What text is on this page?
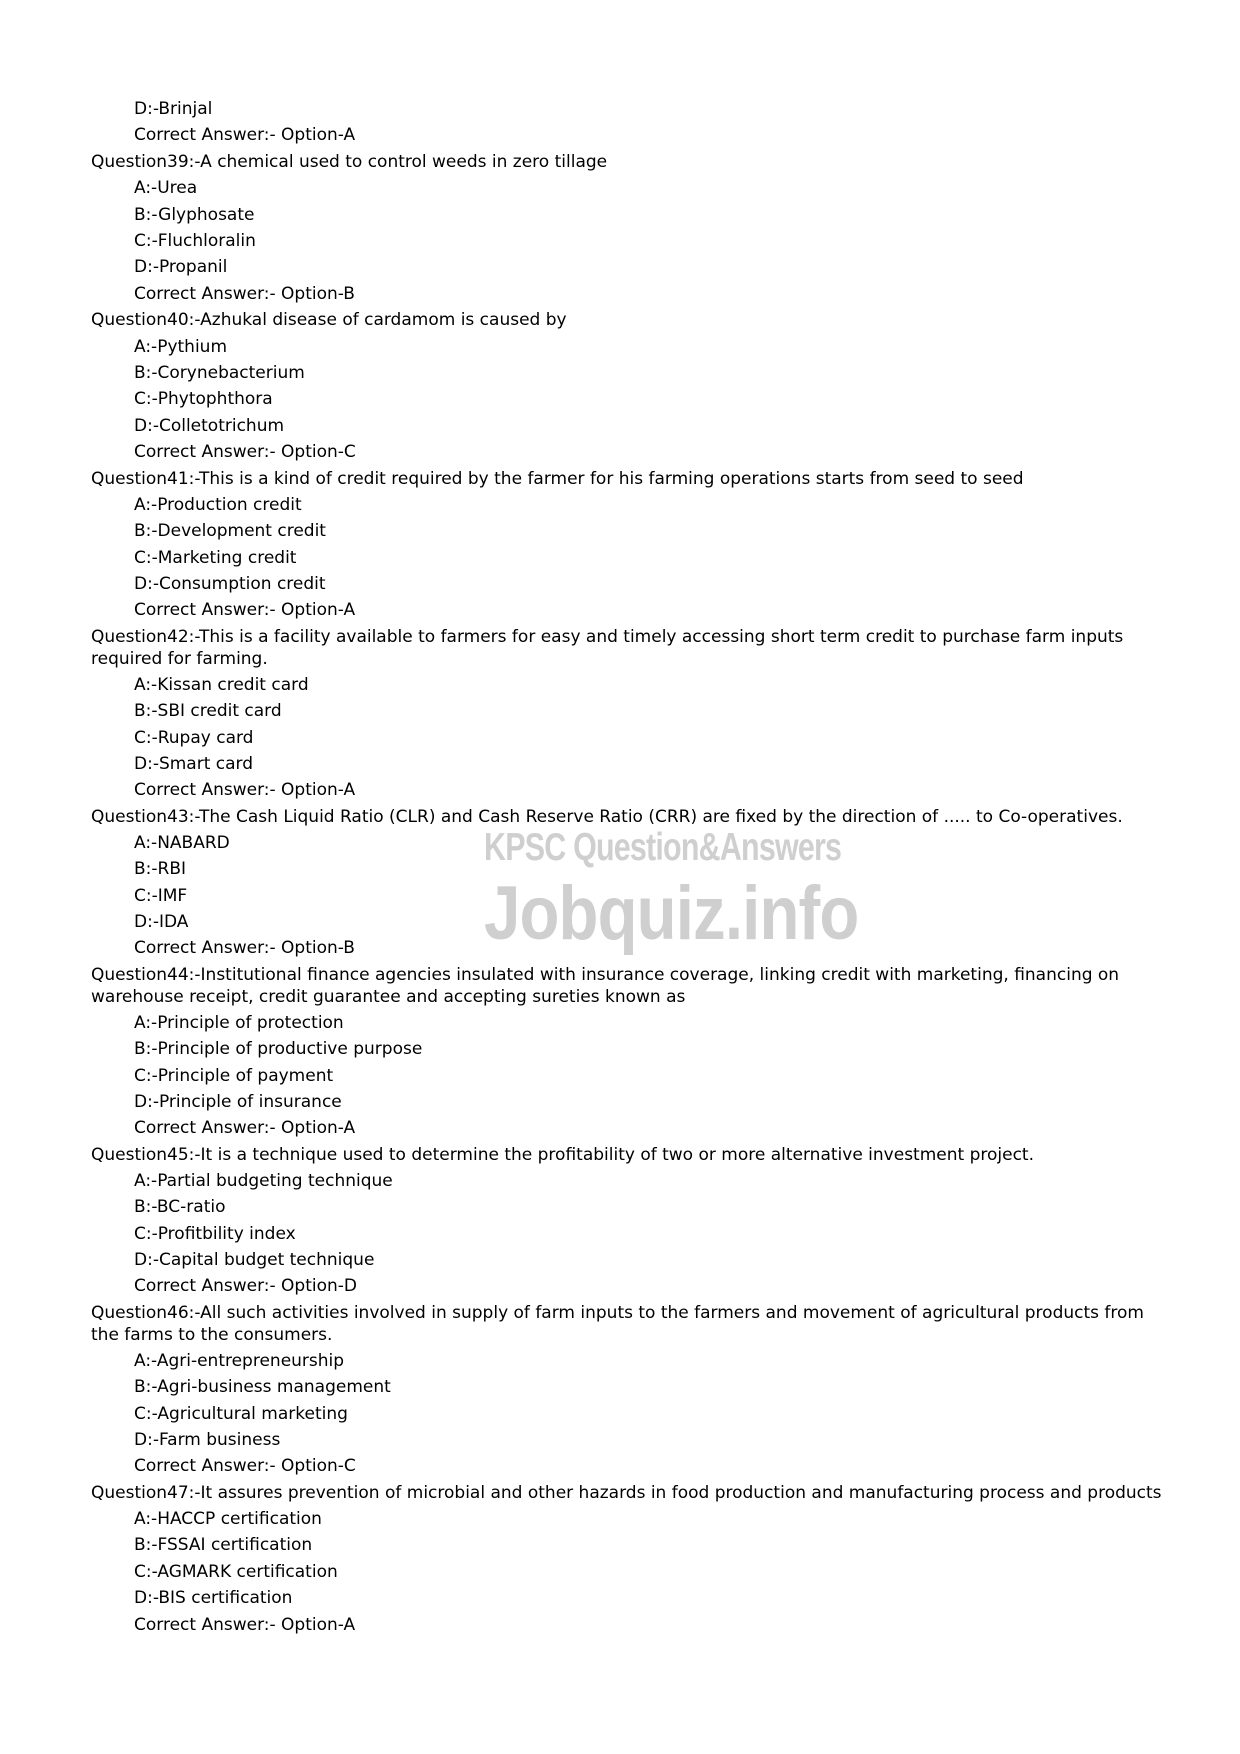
D:-Brinjal
Correct Answer:- Option-A
Question39:-A chemical used to control weeds in zero tillage
A:-Urea
B:-Glyphosate
C:-Fluchloralin
D:-Propanil
Correct Answer:- Option-B
Question40:-Azhukal disease of cardamom is caused by
A:-Pythium
B:-Corynebacterium
C:-Phytophthora
D:-Colletotrichum
Correct Answer:- Option-C
Question41:-This is a kind of credit required by the farmer for his farming operations starts from seed to seed
A:-Production credit
B:-Development credit
C:-Marketing credit
D:-Consumption credit
Correct Answer:- Option-A
Question42:-This is a facility available to farmers for easy and timely accessing short term credit to purchase farm inputs required for farming.
A:-Kissan credit card
B:-SBI credit card
C:-Rupay card
D:-Smart card
Correct Answer:- Option-A
Question43:-The Cash Liquid Ratio (CLR) and Cash Reserve Ratio (CRR) are fixed by the direction of ..... to Co-operatives.
A:-NABARD
B:-RBI
C:-IMF
D:-IDA
Correct Answer:- Option-B
Question44:-Institutional finance agencies insulated with insurance coverage, linking credit with marketing, financing on warehouse receipt, credit guarantee and accepting sureties known as
A:-Principle of protection
B:-Principle of productive purpose
C:-Principle of payment
D:-Principle of insurance
Correct Answer:- Option-A
Question45:-It is a technique used to determine the profitability of two or more alternative investment project.
A:-Partial budgeting technique
B:-BC-ratio
C:-Profitbility index
D:-Capital budget technique
Correct Answer:- Option-D
Question46:-All such activities involved in supply of farm inputs to the farmers and movement of agricultural products from the farms to the consumers.
A:-Agri-entrepreneurship
B:-Agri-business management
C:-Agricultural marketing
D:-Farm business
Correct Answer:- Option-C
Question47:-It assures prevention of microbial and other hazards in food production and manufacturing process and products
A:-HACCP certification
B:-FSSAI certification
C:-AGMARK certification
D:-BIS certification
Correct Answer:- Option-A
KPSC Question&Answers
Jobquiz.info
